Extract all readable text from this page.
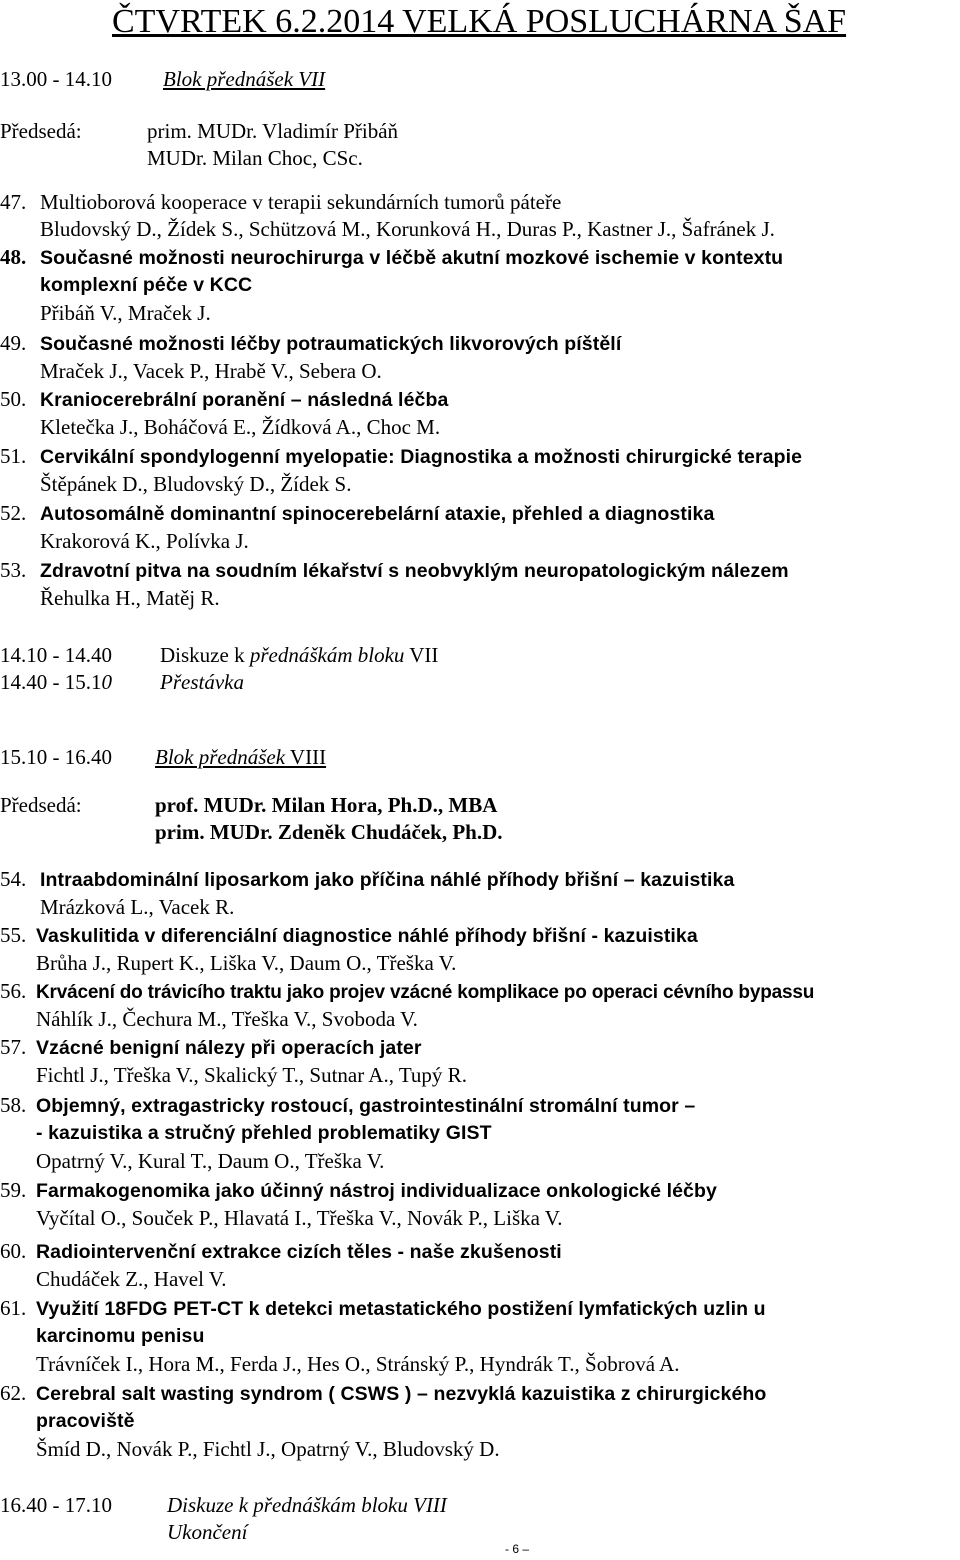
ČTVRTEK 6.2.2014 VELKÁ POSLUCHÁRNA ŠAF
13.00 - 14.10 Blok přednášek VII
Předsedá:	prim. MUDr. Vladimír Přibáň
MUDr. Milan Choc, CSc.
47. Multioborová kooperace v terapii sekundárních tumorů páteře
Bludovský D., Žídek S., Schützová M., Korunková H., Duras P., Kastner J., Šafránek J.
48. Současné možnosti neurochirurga v léčbě akutní mozkové ischemie v kontextu
komplexní péče v KCC
Přibáň V., Mraček J.
49. Současné možnosti léčby potraumatických likvorových píštělí
Mraček J., Vacek P., Hrabě V., Sebera O.
50. Kraniocerebrální poranění – následná léčba
Kletečka J., Boháčová E., Žídková A., Choc M.
51. Cervikální spondylogenní myelopatie: Diagnostika a možnosti chirurgické terapie
Štěpánek D., Bludovský D., Žídek S.
52. Autosomálně dominantní spinocerebelární ataxie, přehled a diagnostika
Krakorová K., Polívka J.
53. Zdravotní pitva na soudním lékařství s neobvyklým neuropatologickým nálezem
Řehulka H., Matěj R.
14.10 - 14.40 Diskuze k přednáškám bloku VII
14.40 - 15.10 Přestávka
15.10 - 16.40 Blok přednášek VIII
Předsedá:	prof. MUDr. Milan Hora, Ph.D., MBA
prim. MUDr. Zdeněk Chudáček, Ph.D.
54. Intraabdominální liposarkom jako příčina náhlé příhody břišní – kazuistika
Mrázková L., Vacek R.
55. Vaskulitida v diferenciální diagnostice náhlé příhody břišní - kazuistika
Brůha J., Rupert K., Liška V., Daum O., Třeška V.
56. Krvácení do trávicího traktu jako projev vzácné komplikace po operaci cévního bypassu
Náhlík J., Čechura M., Třeška V., Svoboda V.
57. Vzácné benigní nálezy při operacích jater
Fichtl J., Třeška V., Skalický T., Sutnar A., Tupý R.
58. Objemný, extragastricky rostoucí, gastrointestinální stromální tumor –
- kazuistika a stručný přehled problematiky GIST
Opatrný V., Kural T., Daum O., Třeška V.
59. Farmakogenomika jako účinný nástroj individualizace onkologické léčby
Vyčítal O., Souček P., Hlavatá I., Třeška V., Novák P., Liška V.
60. Radiointervenční extrakce cizích těles - naše zkušenosti
Chudáček Z., Havel V.
61. Využití 18FDG PET-CT k detekci metastatického postižení lymfatických uzlin u
karcinomu penisu
Trávníček I., Hora M., Ferda J., Hes O., Stránský P., Hyndrák T., Šobrová A.
62. Cerebral salt wasting syndrom ( CSWS ) – nezvyklá kazuistika z chirurgického
pracoviště
Šmíd D., Novák P., Fichtl J., Opatrný V., Bludovský D.
16.40 - 17.10	Diskuze k přednáškám bloku VIII
Ukončení
- 6 –
